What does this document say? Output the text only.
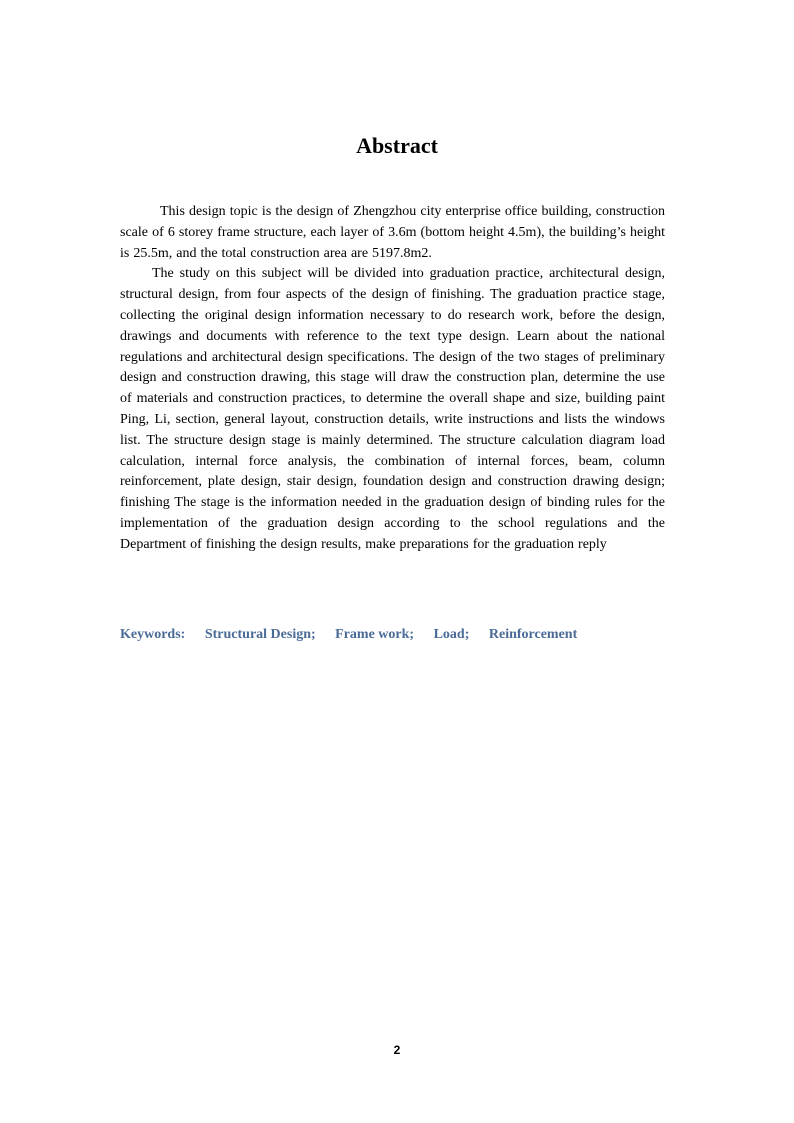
Abstract

This design topic is the design of Zhengzhou city enterprise office building, construction scale of 6 storey frame structure, each layer of 3.6m (bottom height 4.5m), the building’s height is 25.5m, and the total construction area are 5197.8m2.

The study on this subject will be divided into graduation practice, architectural design, structural design, from four aspects of the design of finishing. The graduation practice stage, collecting the original design information necessary to do research work, before the design, drawings and documents with reference to the text type design. Learn about the national regulations and architectural design specifications. The design of the two stages of preliminary design and construction drawing, this stage will draw the construction plan, determine the use of materials and construction practices, to determine the overall shape and size, building paint Ping, Li, section, general layout, construction details, write instructions and lists the windows list. The structure design stage is mainly determined. The structure calculation diagram load calculation, internal force analysis, the combination of internal forces, beam, column reinforcement, plate design, stair design, foundation design and construction drawing design; finishing The stage is the information needed in the graduation design of binding rules for the implementation of the graduation design according to the school regulations and the Department of finishing the design results, make preparations for the graduation reply

Keywords: Structural Design; Frame work; Load; Reinforcement
2
